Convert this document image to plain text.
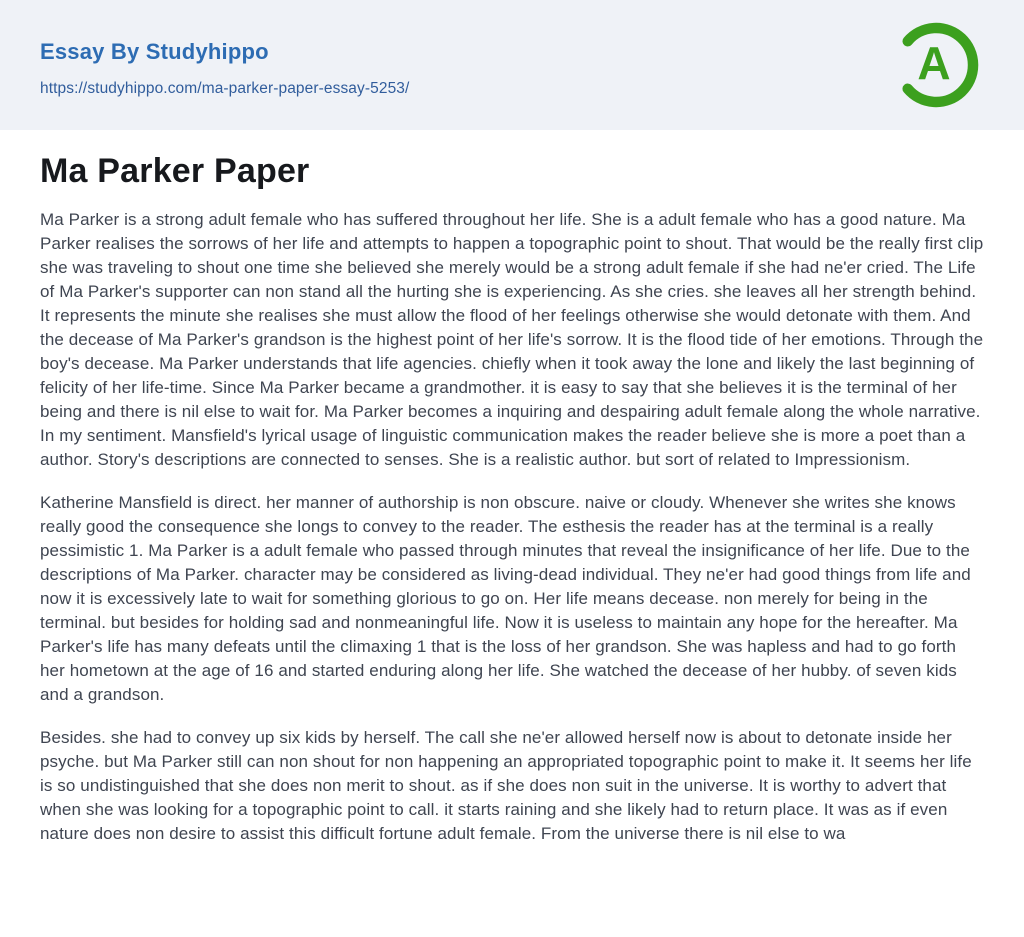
Essay By Studyhippo
https://studyhippo.com/ma-parker-paper-essay-5253/	A
Ma Parker Paper

Ma Parker is a strong adult female who has suffered throughout her life. She is a adult female who has a good nature. Ma Parker realises the sorrows of her life and attempts to happen a topographic point to shout. That would be the really first clip she was traveling to shout one time she believed she merely would be a strong adult female if she had ne'er cried. The Life of Ma Parker's supporter can non stand all the hurting she is experiencing. As she cries. she leaves all her strength behind. It represents the minute she realises she must allow the flood of her feelings otherwise she would detonate with them. And the decease of Ma Parker's grandson is the highest point of her life's sorrow. It is the flood tide of her emotions. Through the boy's decease. Ma Parker understands that life agencies. chiefly when it took away the lone and likely the last beginning of felicity of her life-time. Since Ma Parker became a grandmother. it is easy to say that she believes it is the terminal of her being and there is nil else to wait for. Ma Parker becomes a inquiring and despairing adult female along the whole narrative. In my sentiment. Mansfield's lyrical usage of linguistic communication makes the reader believe she is more a poet than a author. Story's descriptions are connected to senses. She is a realistic author. but sort of related to Impressionism.

Katherine Mansfield is direct. her manner of authorship is non obscure. naive or cloudy. Whenever she writes she knows really good the consequence she longs to convey to the reader. The esthesis the reader has at the terminal is a really pessimistic 1. Ma Parker is a adult female who passed through minutes that reveal the insignificance of her life. Due to the descriptions of Ma Parker. character may be considered as living-dead individual. They ne'er had good things from life and now it is excessively late to wait for something glorious to go on. Her life means decease. non merely for being in the terminal. but besides for holding sad and nonmeaningful life. Now it is useless to maintain any hope for the hereafter. Ma Parker's life has many defeats until the climaxing 1 that is the loss of her grandson. She was hapless and had to go forth her hometown at the age of 16 and started enduring along her life. She watched the decease of her hubby. of seven kids and a grandson.

Besides. she had to convey up six kids by herself. The call she ne'er allowed herself now is about to detonate inside her psyche. but Ma Parker still can non shout for non happening an appropriated topographic point to make it. It seems her life is so undistinguished that she does non merit to shout. as if she does non suit in the universe. It is worthy to advert that when she was looking for a topographic point to call. it starts raining and she likely had to return place. It was as if even nature does non desire to assist this difficult fortune adult female. From the universe there is nil else to wa
